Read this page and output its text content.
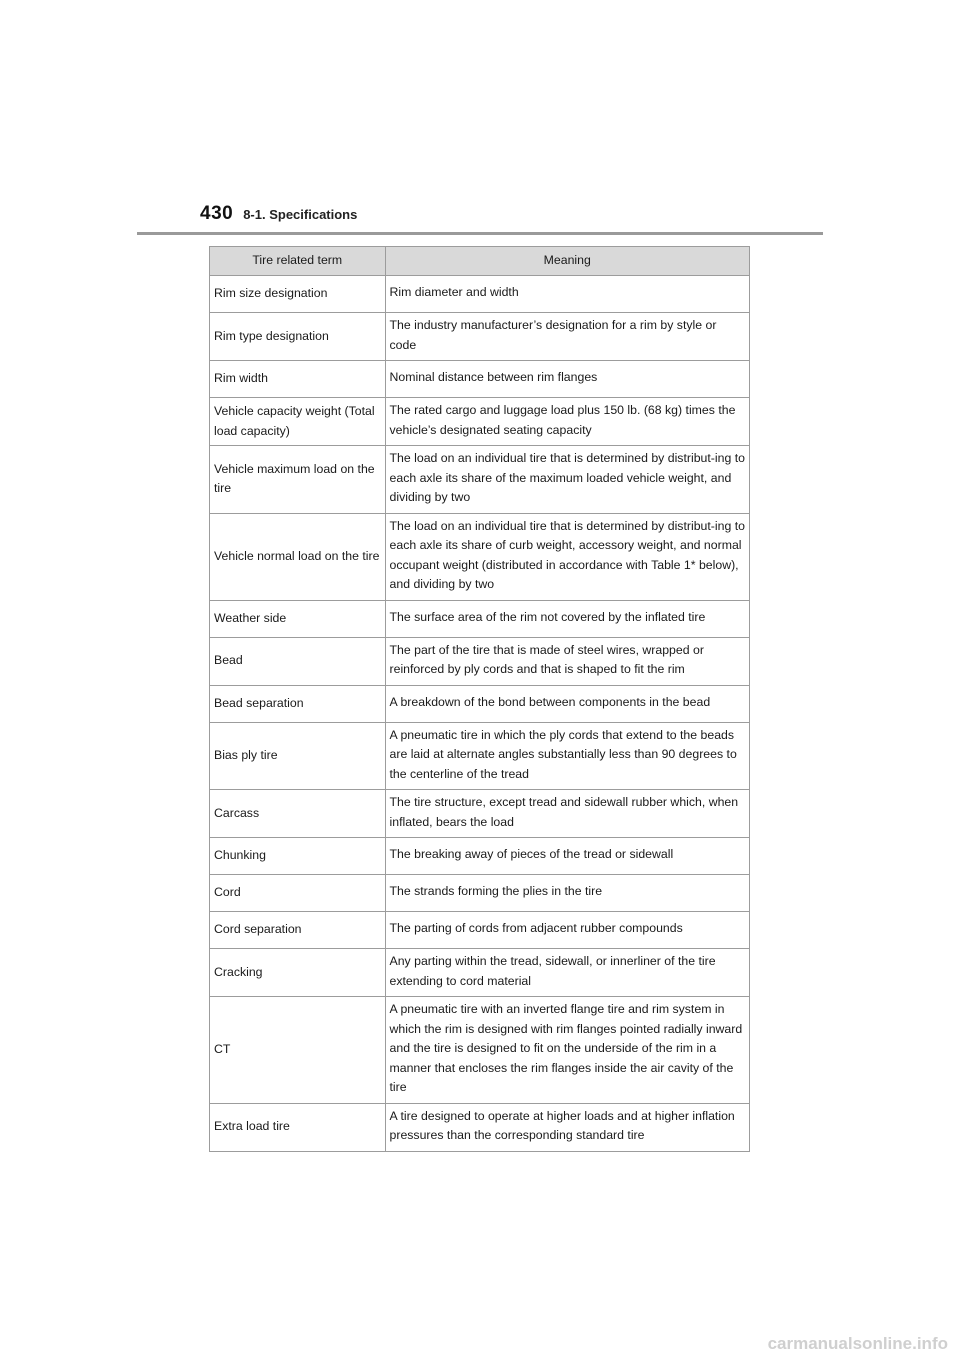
430 8-1. Specifications
Tire related term	Meaning
Rim size designation	Rim diameter and width
Rim type designation	The industry manufacturer’s designation for a rim by style or code
Rim width	Nominal distance between rim flanges
Vehicle capacity weight (Total load capacity)	The rated cargo and luggage load plus 150 lb. (68 kg) times the vehicle’s designated seating capacity
Vehicle maximum load on the tire	The load on an individual tire that is determined by distribut-ing to each axle its share of the maximum loaded vehicle weight, and dividing by two
Vehicle normal load on the tire	The load on an individual tire that is determined by distribut-ing to each axle its share of curb weight, accessory weight, and normal occupant weight (distributed in accordance with Table 1* below), and dividing by two
Weather side	The surface area of the rim not covered by the inflated tire
Bead	The part of the tire that is made of steel wires, wrapped or reinforced by ply cords and that is shaped to fit the rim
Bead separation	A breakdown of the bond between components in the bead
Bias ply tire	A pneumatic tire in which the ply cords that extend to the beads are laid at alternate angles substantially less than 90 degrees to the centerline of the tread
Carcass	The tire structure, except tread and sidewall rubber which, when inflated, bears the load
Chunking	The breaking away of pieces of the tread or sidewall
Cord	The strands forming the plies in the tire
Cord separation	The parting of cords from adjacent rubber compounds
Cracking	Any parting within the tread, sidewall, or innerliner of the tire extending to cord material
CT	A pneumatic tire with an inverted flange tire and rim system in which the rim is designed with rim flanges pointed radially inward and the tire is designed to fit on the underside of the rim in a manner that encloses the rim flanges inside the air cavity of the tire
Extra load tire	A tire designed to operate at higher loads and at higher inflation pressures than the corresponding standard tire
carmanualsonline.info
